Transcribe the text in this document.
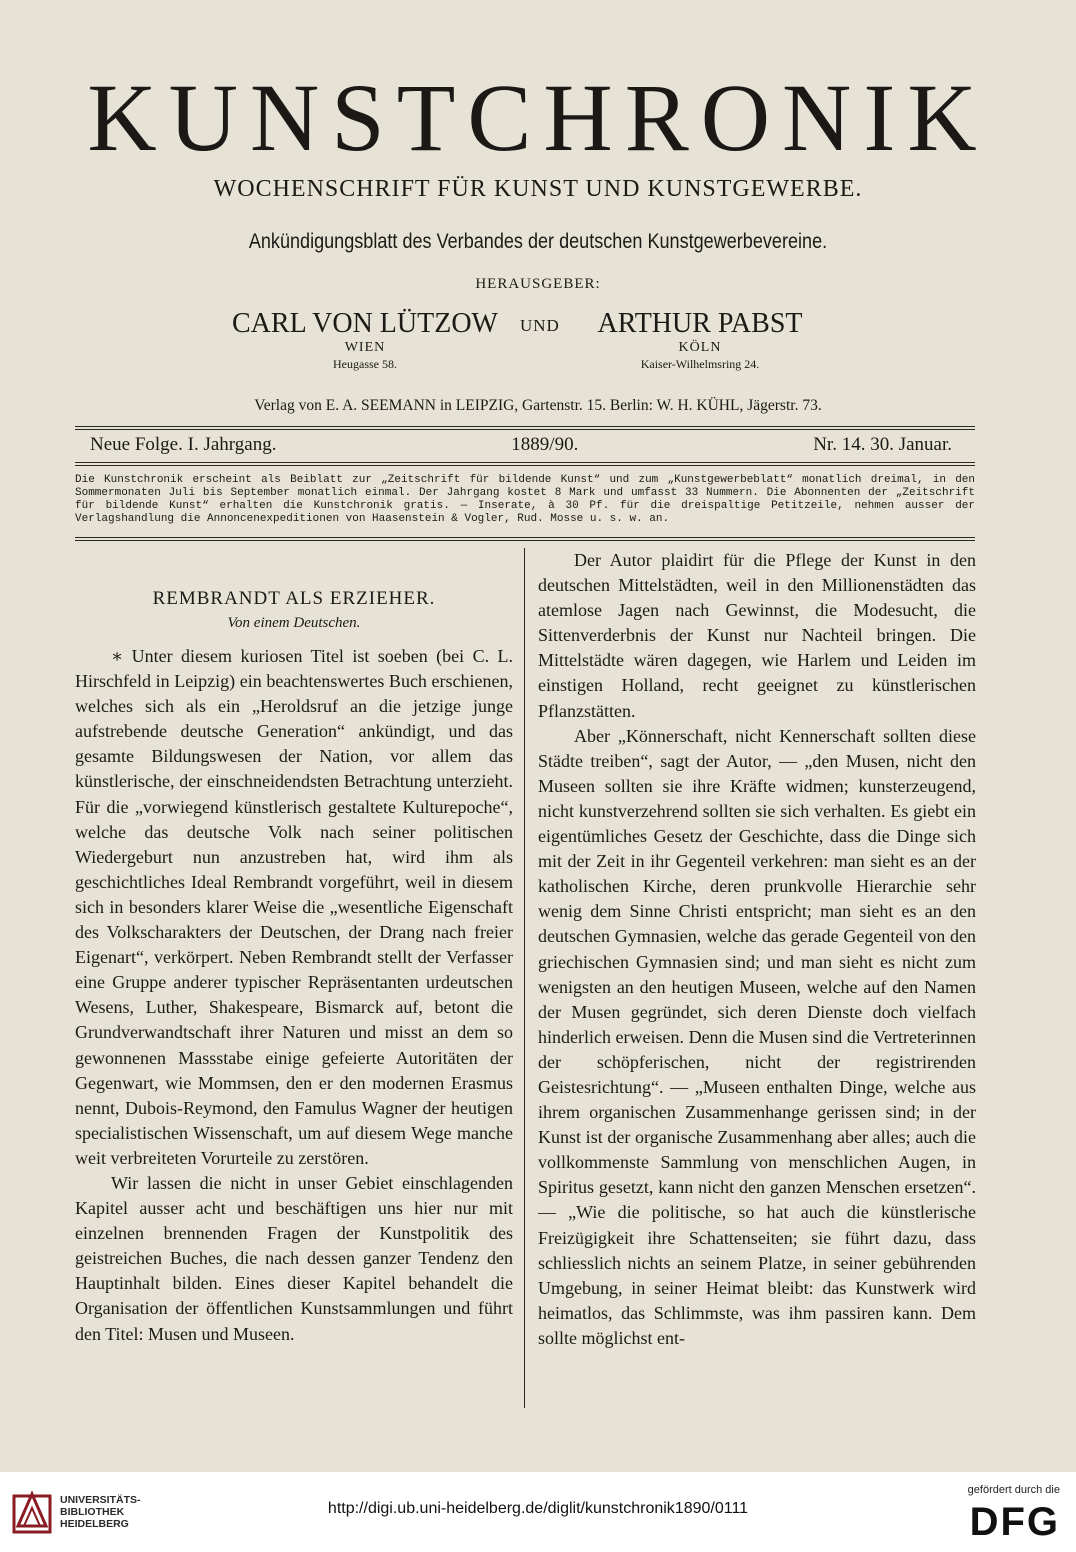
KUNSTCHRONIK
WOCHENSCHRIFT FÜR KUNST UND KUNSTGEWERBE.
Ankündigungsblatt des Verbandes der deutschen Kunstgewerbevereine.
HERAUSGEBER:
CARL VON LÜTZOW
WIEN
Heugasse 58.
UND	ARTHUR PABST
KÖLN
Kaiser-Wilhelmsring 24.
Verlag von E. A. SEEMANN in LEIPZIG, Gartenstr. 15. Berlin: W. H. KÜHL, Jägerstr. 73.
Neue Folge. I. Jahrgang.	1889/90.	Nr. 14. 30. Januar.
Die Kunstchronik erscheint als Beiblatt zur „Zeitschrift für bildende Kunst“ und zum „Kunstgewerbeblatt“ monatlich dreimal, in den Sommermonaten Juli bis September monatlich einmal. Der Jahrgang kostet 8 Mark und umfasst 33 Nummern. Die Abonnenten der „Zeitschrift für bildende Kunst“ erhalten die Kunstchronik gratis. — Inserate, à 30 Pf. für die dreispaltige Petitzeile, nehmen ausser der Verlagshandlung die Annoncenexpeditionen von Haasenstein & Vogler, Rud. Mosse u. s. w. an.
REMBRANDT ALS ERZIEHER.
Von einem Deutschen.

∗ Unter diesem kuriosen Titel ist soeben (bei C. L. Hirschfeld in Leipzig) ein beachtenswertes Buch erschienen, welches sich als ein „Heroldsruf an die jetzige junge aufstrebende deutsche Generation“ ankündigt, und das gesamte Bildungswesen der Nation, vor allem das künstlerische, der einschneidendsten Betrachtung unterzieht. Für die „vorwiegend künstlerisch gestaltete Kulturepoche“, welche das deutsche Volk nach seiner politischen Wiedergeburt nun anzustreben hat, wird ihm als geschichtliches Ideal Rembrandt vorgeführt, weil in diesem sich in besonders klarer Weise die „wesentliche Eigenschaft des Volkscharakters der Deutschen, der Drang nach freier Eigenart“, verkörpert. Neben Rembrandt stellt der Verfasser eine Gruppe anderer typischer Repräsentanten urdeutschen Wesens, Luther, Shakespeare, Bismarck auf, betont die Grundverwandtschaft ihrer Naturen und misst an dem so gewonnenen Massstabe einige gefeierte Autoritäten der Gegenwart, wie Mommsen, den er den modernen Erasmus nennt, Dubois-Reymond, den Famulus Wagner der heutigen specialistischen Wissenschaft, um auf diesem Wege manche weit verbreiteten Vorurteile zu zerstören.

Wir lassen die nicht in unser Gebiet einschlagenden Kapitel ausser acht und beschäftigen uns hier nur mit einzelnen brennenden Fragen der Kunstpolitik des geistreichen Buches, die nach dessen ganzer Tendenz den Hauptinhalt bilden. Eines dieser Kapitel behandelt die Organisation der öffentlichen Kunstsammlungen und führt den Titel: Musen und Museen.

Der Autor plaidirt für die Pflege der Kunst in den deutschen Mittelstädten, weil in den Millionenstädten das atemlose Jagen nach Gewinnst, die Modesucht, die Sittenverderbnis der Kunst nur Nachteil bringen. Die Mittelstädte wären dagegen, wie Harlem und Leiden im einstigen Holland, recht geeignet zu künstlerischen Pflanzstätten.

Aber „Könnerschaft, nicht Kennerschaft sollten diese Städte treiben“, sagt der Autor, — „den Musen, nicht den Museen sollten sie ihre Kräfte widmen; kunsterzeugend, nicht kunstverzehrend sollten sie sich verhalten. Es giebt ein eigentümliches Gesetz der Geschichte, dass die Dinge sich mit der Zeit in ihr Gegenteil verkehren: man sieht es an der katholischen Kirche, deren prunkvolle Hierarchie sehr wenig dem Sinne Christi entspricht; man sieht es an den deutschen Gymnasien, welche das gerade Gegenteil von den griechischen Gymnasien sind; und man sieht es nicht zum wenigsten an den heutigen Museen, welche auf den Namen der Musen gegründet, sich deren Dienste doch vielfach hinderlich erweisen. Denn die Musen sind die Vertreterinnen der schöpferischen, nicht der registrirenden Geistesrichtung“. — „Museen enthalten Dinge, welche aus ihrem organischen Zusammenhange gerissen sind; in der Kunst ist der organische Zusammenhang aber alles; auch die vollkommenste Sammlung von menschlichen Augen, in Spiritus gesetzt, kann nicht den ganzen Menschen ersetzen“. — „Wie die politische, so hat auch die künstlerische Freizügigkeit ihre Schattenseiten; sie führt dazu, dass schliesslich nichts an seinem Platze, in seiner gebührenden Umgebung, in seiner Heimat bleibt: das Kunstwerk wird heimatlos, das Schlimmste, was ihm passiren kann. Dem sollte möglichst ent-

UNIVERSITÄTS-
BIBLIOTHEK
HEIDELBERG
http://digi.ub.uni-heidelberg.de/diglit/kunstchronik1890/0111
gefördert durch die
DFG
